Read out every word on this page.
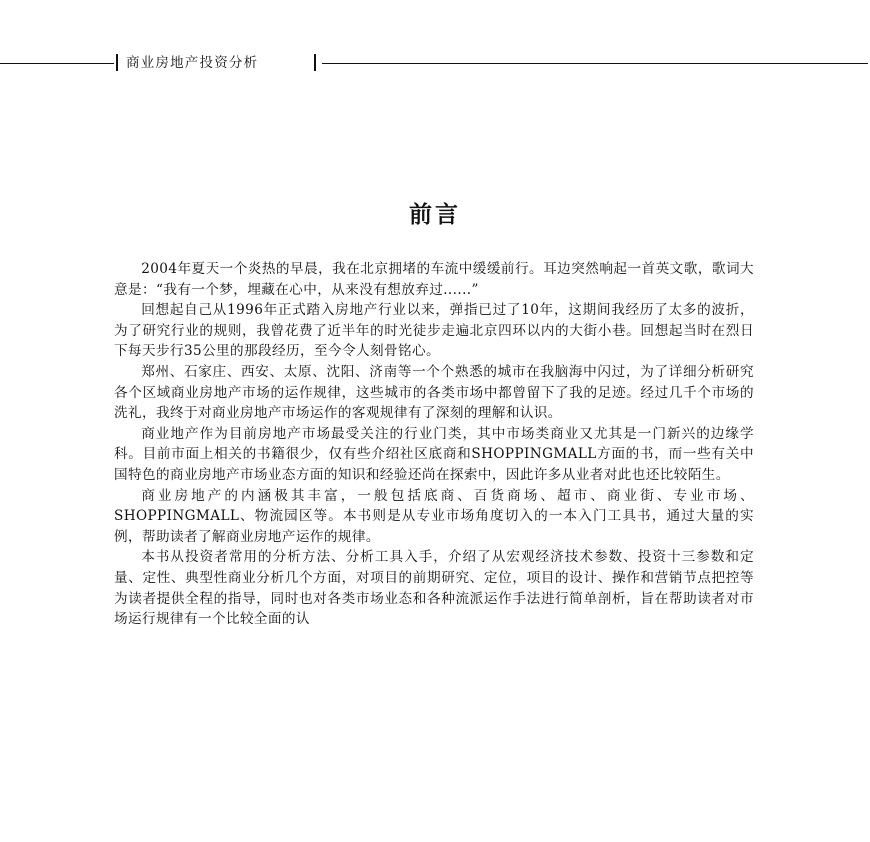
商业房地产投资分析
前言

2004年夏天一个炎热的早晨，我在北京拥堵的车流中缓缓前行。耳边突然响起一首英文歌，歌词大意是：“我有一个梦，埋藏在心中，从来没有想放弃过......”

回想起自己从1996年正式踏入房地产行业以来，弹指已过了10年，这期间我经历了太多的波折，为了研究行业的规则，我曾花费了近半年的时光徒步走遍北京四环以内的大街小巷。回想起当时在烈日下每天步行35公里的那段经历，至今令人刻骨铭心。

郑州、石家庄、西安、太原、沈阳、济南等一个个熟悉的城市在我脑海中闪过，为了详细分析研究各个区域商业房地产市场的运作规律，这些城市的各类市场中都曾留下了我的足迹。经过几千个市场的洗礼，我终于对商业房地产市场运作的客观规律有了深刻的理解和认识。

商业地产作为目前房地产市场最受关注的行业门类，其中市场类商业又尤其是一门新兴的边缘学科。目前市面上相关的书籍很少，仅有些介绍社区底商和SHOPPINGMALL方面的书，而一些有关中国特色的商业房地产市场业态方面的知识和经验还尚在探索中，因此许多从业者对此也还比较陌生。

商业房地产的内涵极其丰富，一般包括底商、百货商场、超市、商业街、专业市场、SHOPPINGMALL、物流园区等。本书则是从专业市场角度切入的一本入门工具书，通过大量的实例，帮助读者了解商业房地产运作的规律。

本书从投资者常用的分析方法、分析工具入手，介绍了从宏观经济技术参数、投资十三参数和定量、定性、典型性商业分析几个方面，对项目的前期研究、定位，项目的设计、操作和营销节点把控等为读者提供全程的指导，同时也对各类市场业态和各种流派运作手法进行简单剖析，旨在帮助读者对市场运行规律有一个比较全面的认
